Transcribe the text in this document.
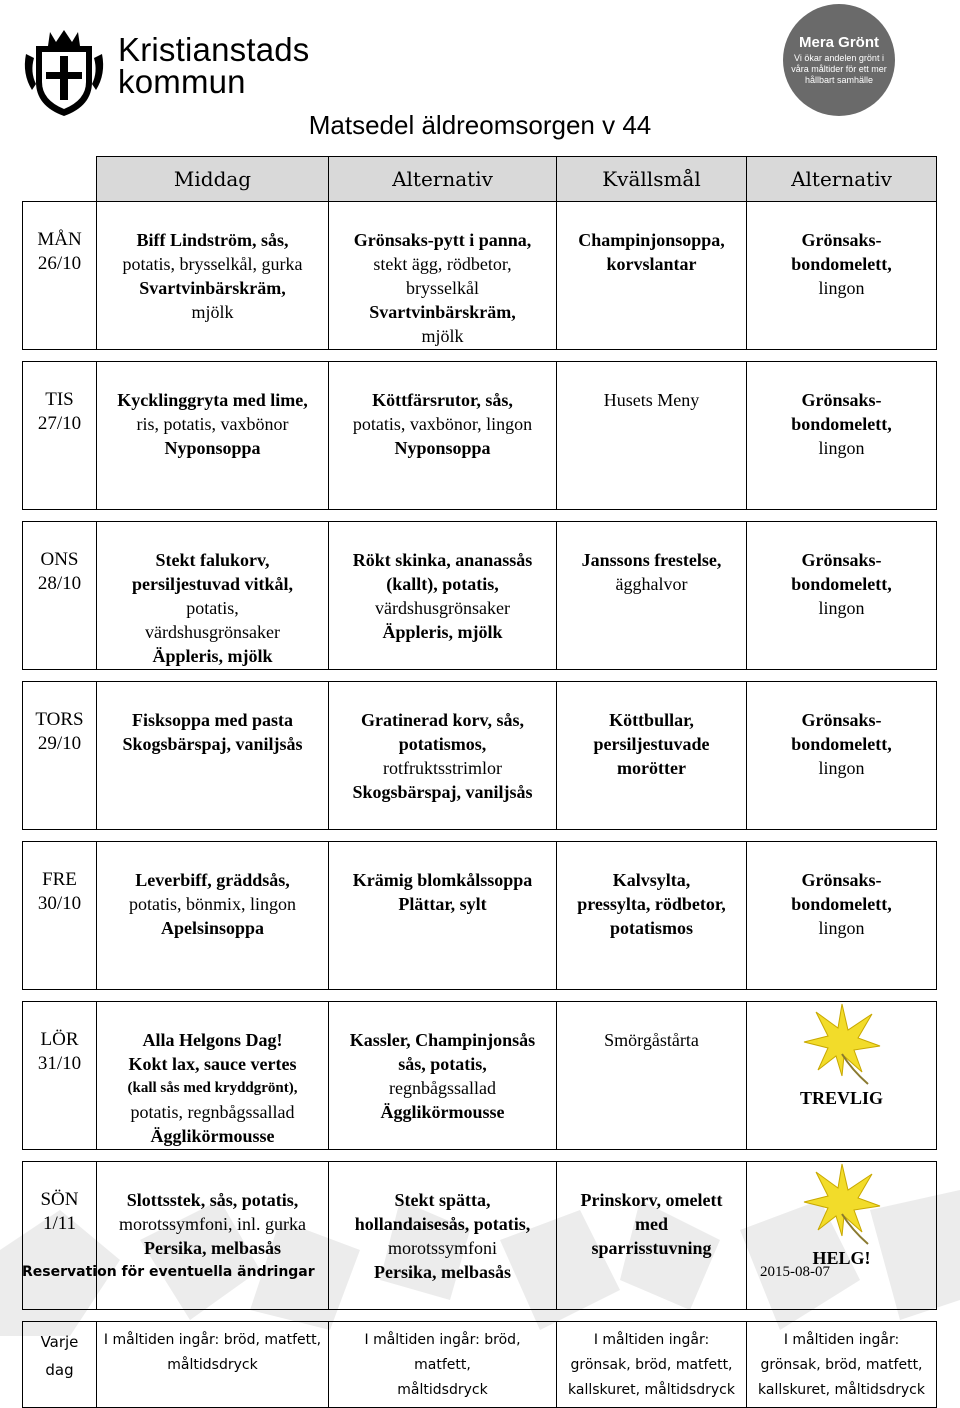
Kristianstads
kommun
Mera Grönt
Vi ökar andelen grönt i våra måltider för ett mer hållbart samhälle
Matsedel äldreomsorgen v 44
	Middag	Alternativ	Kvällsmål	Alternativ

MÅN
26/10	Biff Lindström, sås,
potatis, brysselkål, gurka
Svartvinbärskräm,
mjölk	Grönsaks-pytt i panna,
stekt ägg, rödbetor,
brysselkål
Svartvinbärskräm,
mjölk	Champinjonsoppa,
korvslantar	Grönsaks-
bondomelett,
lingon

TIS
27/10	Kycklinggryta med lime,
ris, potatis, vaxbönor
Nyponsoppa	Köttfärsrutor, sås,
potatis, vaxbönor, lingon
Nyponsoppa	Husets Meny	Grönsaks-
bondomelett,
lingon

ONS
28/10	Stekt falukorv,
persiljestuvad vitkål,
potatis,
värdshusgrönsaker
Äppleris, mjölk	Rökt skinka, ananassås
(kallt), potatis,
värdshusgrönsaker
Äppleris, mjölk	Janssons frestelse,
ägghalvor	Grönsaks-
bondomelett,
lingon

TORS
29/10	Fisksoppa med pasta
Skogsbärspaj, vaniljsås	Gratinerad korv, sås,
potatismos,
rotfruktsstrimlor
Skogsbärspaj, vaniljsås	Köttbullar,
persiljestuvade
morötter	Grönsaks-
bondomelett,
lingon

FRE
30/10	Leverbiff, gräddsås,
potatis, bönmix, lingon
Apelsinsoppa	Krämig blomkålssoppa
Plättar, sylt	Kalvsylta,
pressylta, rödbetor,
potatismos	Grönsaks-
bondomelett,
lingon

LÖR
31/10	Alla Helgons Dag!
Kokt lax, sauce vertes
(kall sås med kryddgrönt),
potatis, regnbågssallad
Ägglikörmousse	Kassler, Champinjonsås
sås, potatis,
regnbågssallad
Ägglikörmousse	Smörgåstårta	TREVLIG

SÖN
1/11	Slottsstek, sås, potatis,
morotssymfoni, inl. gurka
Persika, melbasås	Stekt spätta,
hollandaisesås, potatis,
morotssymfoni
Persika, melbasås	Prinskorv, omelett
med
sparrisstuvning	HELG!

Varje
dag	I måltiden ingår: bröd, matfett,
måltidsdryck	I måltiden ingår: bröd, matfett,
måltidsdryck	I måltiden ingår:
grönsak, bröd, matfett,
kallskuret, måltidsdryck	I måltiden ingår:
grönsak, bröd, matfett,
kallskuret, måltidsdryck
Reservation för eventuella ändringar	2015-08-07
